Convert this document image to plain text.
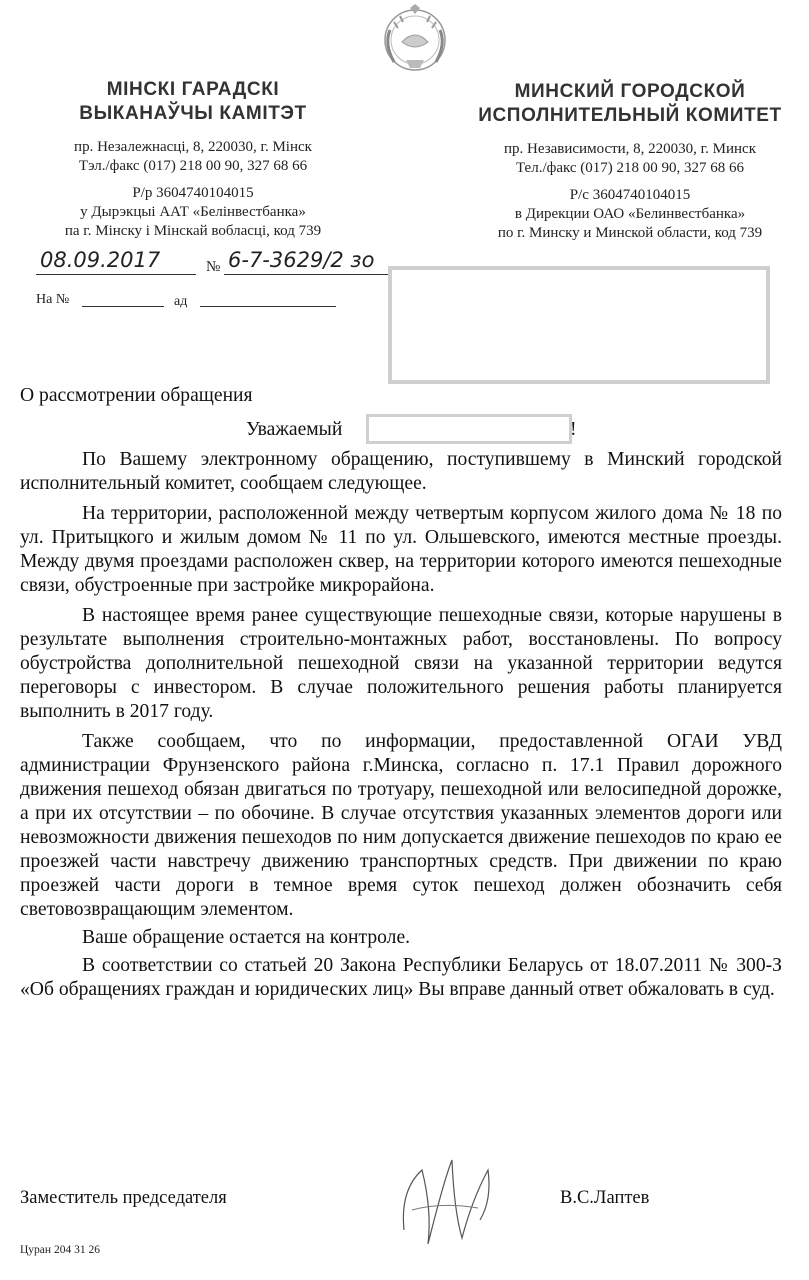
МІНСКІ ГАРАДСКІ
ВЫКАНАЎЧЫ КАМІТЭТ
пр. Незалежнасці, 8, 220030, г. Мінск
Тэл./факс (017) 218 00 90, 327 68 66
Р/р 3604740104015
у Дырэкцыі ААТ «Белінвестбанка»
па г. Мінску і Мінскай вобласці, код 739
МИНСКИЙ ГОРОДСКОЙ
ИСПОЛНИТЕЛЬНЫЙ КОМИТЕТ
пр. Независимости, 8, 220030, г. Минск
Тел./факс (017) 218 00 90, 327 68 66
Р/с 3604740104015
в Дирекции ОАО «Белинвестбанка»
по г. Минску и Минской области, код 739
08.09.2017	№ 6-7-3629/2 зо
На №	ад
О рассмотрении обращения
Уважаемый	!

По Вашему электронному обращению, поступившему в Минский городской исполнительный комитет, сообщаем следующее.

На территории, расположенной между четвертым корпусом жилого дома № 18 по ул. Притыцкого и жилым домом № 11 по ул. Ольшевского, имеются местные проезды. Между двумя проездами расположен сквер, на территории которого имеются пешеходные связи, обустроенные при застройке микрорайона.

В настоящее время ранее существующие пешеходные связи, которые нарушены в результате выполнения строительно-монтажных работ, восстановлены. По вопросу обустройства дополнительной пешеходной связи на указанной территории ведутся переговоры с инвестором. В случае положительного решения работы планируется выполнить в 2017 году.

Также сообщаем, что по информации, предоставленной ОГАИ УВД администрации Фрунзенского района г.Минска, согласно п. 17.1 Правил дорожного движения пешеход обязан двигаться по тротуару, пешеходной или велосипедной дорожке, а при их отсутствии – по обочине. В случае отсутствия указанных элементов дороги или невозможности движения пешеходов по ним допускается движение пешеходов по краю ее проезжей части навстречу движению транспортных средств. При движении по краю проезжей части дороги в темное время суток пешеход должен обозначить себя световозвращающим элементом.

Ваше обращение остается на контроле.

В соответствии со статьей 20 Закона Республики Беларусь от 18.07.2011 № 300-З «Об обращениях граждан и юридических лиц» Вы вправе данный ответ обжаловать в суд.

Заместитель председателя	В.С.Лаптев
Цуран 204 31 26
